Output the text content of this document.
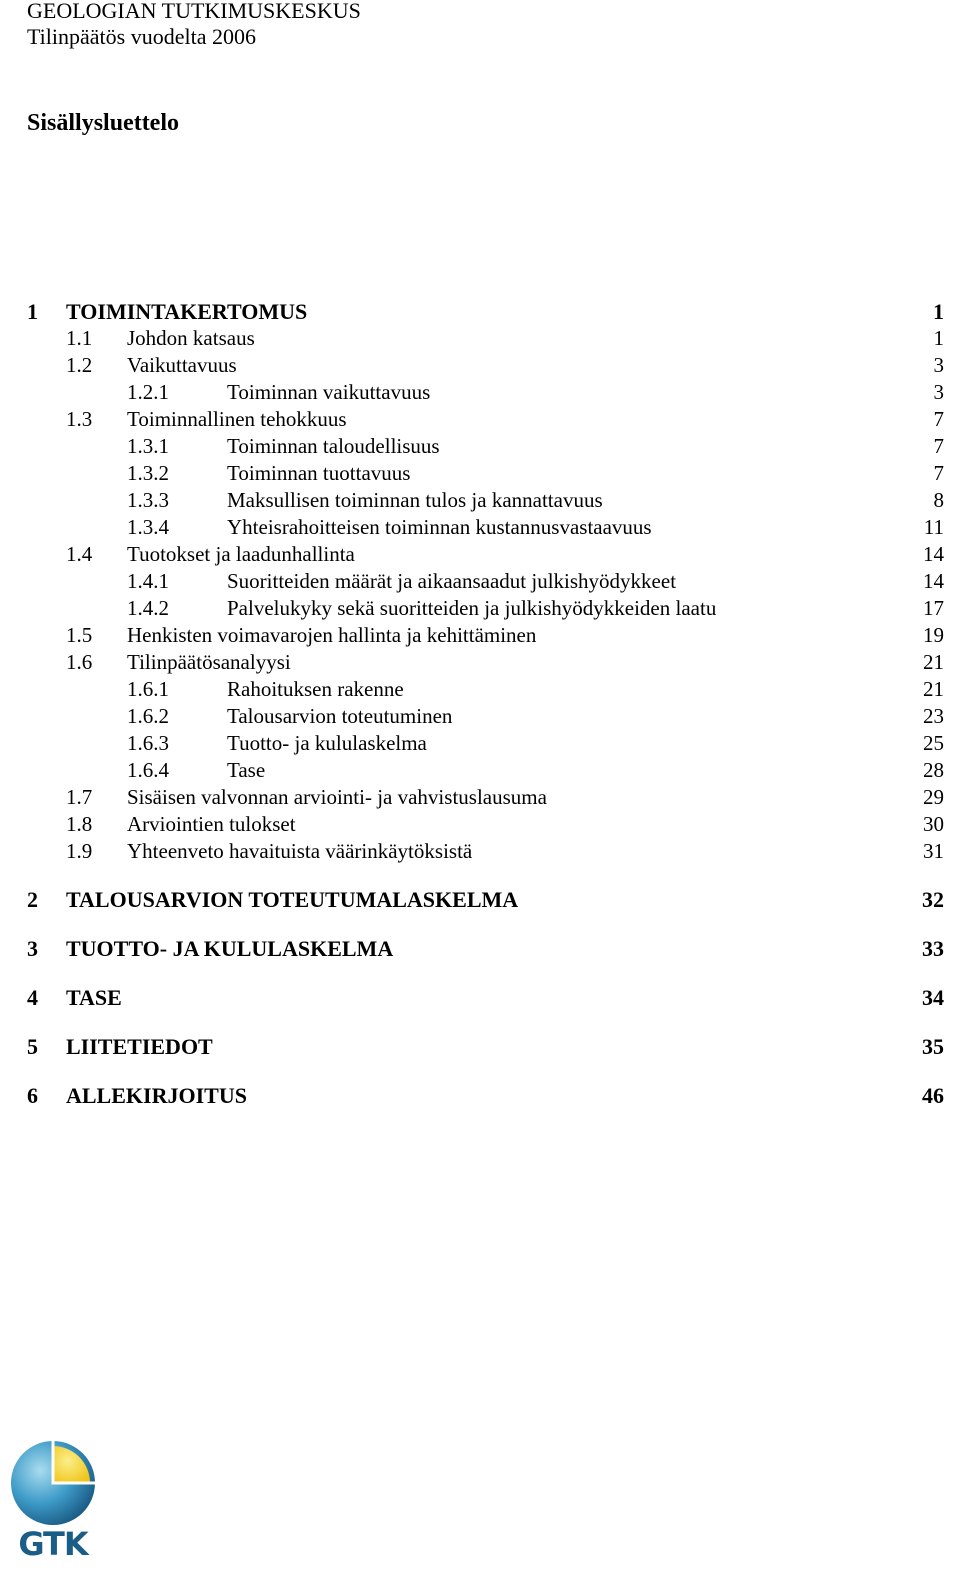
GEOLOGIAN TUTKIMUSKESKUS
Tilinpäätös vuodelta 2006
Sisällysluettelo
1 TOIMINTAKERTOMUS	1
1.1 Johdon katsaus	1
1.2 Vaikuttavuus	3
1.2.1	Toiminnan vaikuttavuus	3
1.3 Toiminnallinen tehokkuus	7
1.3.1	Toiminnan taloudellisuus	7
1.3.2	Toiminnan tuottavuus	7
1.3.3	Maksullisen toiminnan tulos ja kannattavuus	8
1.3.4	Yhteisrahoitteisen toiminnan kustannusvastaavuus	11
1.4 Tuotokset ja laadunhallinta	14
1.4.1	Suoritteiden määrät ja aikaansaadut julkishyödykkeet	14
1.4.2	Palvelukyky sekä suoritteiden ja julkishyödykkeiden laatu	17
1.5 Henkisten voimavarojen hallinta ja kehittäminen	19
1.6 Tilinpäätösanalyysi	21
1.6.1	Rahoituksen rakenne	21
1.6.2	Talousarvion toteutuminen	23
1.6.3	Tuotto- ja kululaskelma	25
1.6.4	Tase	28
1.7 Sisäisen valvonnan arviointi- ja vahvistuslausuma	29
1.8 Arviointien tulokset	30
1.9 Yhteenveto havaituista väärinkäytöksistä	31
2 TALOUSARVION TOTEUTUMALASKELMA	32
3 TUOTTO- JA KULULASKELMA	33
4 TASE	34
5 LIITETIEDOT	35
6 ALLEKIRJOITUS	46
GTK
